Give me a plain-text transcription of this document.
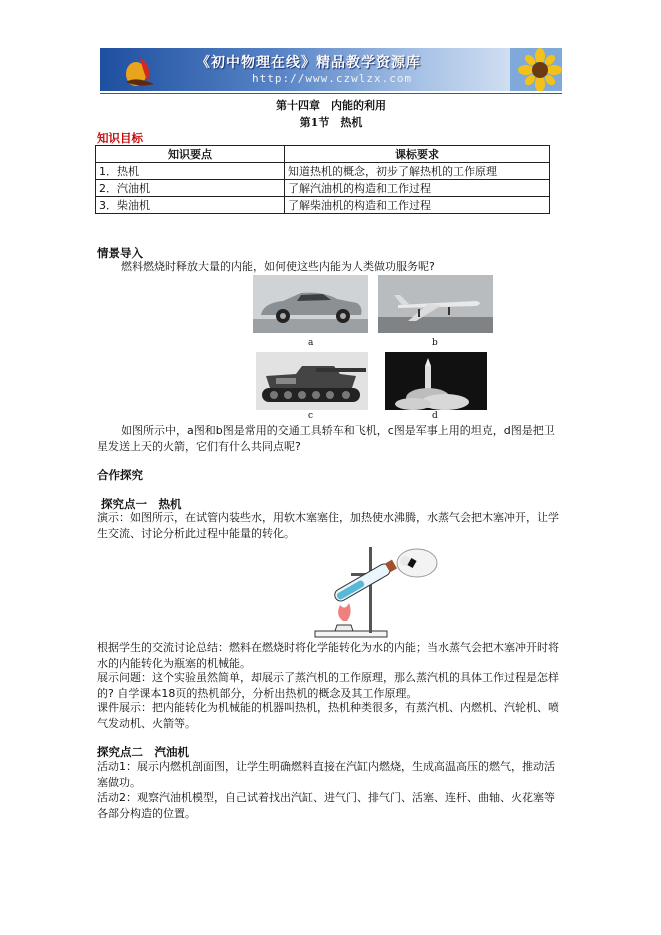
《初中物理在线》精品教学资源库
http://www.czwlzx.com
第十四章　内能的利用
第1节　热机
知识目标
知识要点	课标要求
1．热机	知道热机的概念，初步了解热机的工作原理
2．汽油机	了解汽油机的构造和工作过程
3．柴油机	了解柴油机的构造和工作过程
情景导入
燃料燃烧时释放大量的内能，如何使这些内能为人类做功服务呢?
a	b
c	d
如图所示中，a图和b图是常用的交通工具轿车和飞机，c图是军事上用的坦克，d图是把卫星发送上天的火箭，它们有什么共同点呢?
合作探究
探究点一　热机
演示：如图所示，在试管内装些水，用软木塞塞住，加热使水沸腾，水蒸气会把木塞冲开，让学生交流、讨论分析此过程中能量的转化。
根据学生的交流讨论总结：燃料在燃烧时将化学能转化为水的内能；当水蒸气会把木塞冲开时将水的内能转化为瓶塞的机械能。
展示问题：这个实验虽然简单，却展示了蒸汽机的工作原理，那么蒸汽机的具体工作过程是怎样的? 自学课本18页的热机部分，分析出热机的概念及其工作原理。
课件展示：把内能转化为机械能的机器叫热机，热机种类很多，有蒸汽机、内燃机、汽轮机、喷气发动机、火箭等。
探究点二　汽油机
活动1：展示内燃机剖面图，让学生明确燃料直接在汽缸内燃烧，生成高温高压的燃气，推动活塞做功。
活动2：观察汽油机模型，自己试着找出汽缸、进气门、排气门、活塞、连杆、曲轴、火花塞等各部分构造的位置。
